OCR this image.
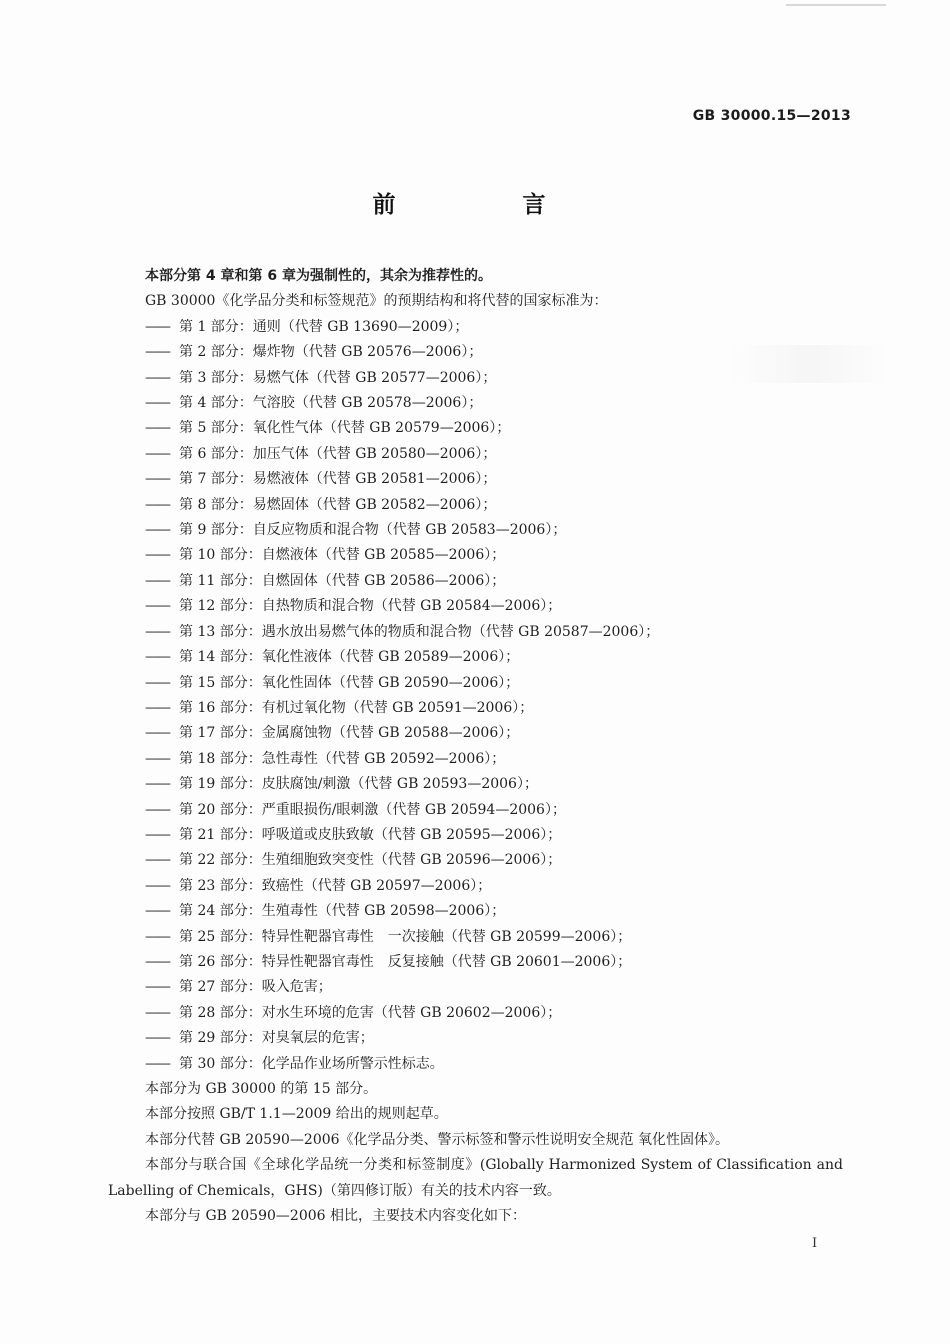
GB 30000.15—2013
前　言

本部分第 4 章和第 6 章为强制性的，其余为推荐性的。

GB 30000《化学品分类和标签规范》的预期结构和将代替的国家标准为：

—— 第 1 部分：通则（代替 GB 13690—2009）；

—— 第 2 部分：爆炸物（代替 GB 20576—2006）；

—— 第 3 部分：易燃气体（代替 GB 20577—2006）；

—— 第 4 部分：气溶胶（代替 GB 20578—2006）；

—— 第 5 部分：氧化性气体（代替 GB 20579—2006）；

—— 第 6 部分：加压气体（代替 GB 20580—2006）；

—— 第 7 部分：易燃液体（代替 GB 20581—2006）；

—— 第 8 部分：易燃固体（代替 GB 20582—2006）；

—— 第 9 部分：自反应物质和混合物（代替 GB 20583—2006）；

—— 第 10 部分：自燃液体（代替 GB 20585—2006）；

—— 第 11 部分：自燃固体（代替 GB 20586—2006）；

—— 第 12 部分：自热物质和混合物（代替 GB 20584—2006）；

—— 第 13 部分：遇水放出易燃气体的物质和混合物（代替 GB 20587—2006）；

—— 第 14 部分：氧化性液体（代替 GB 20589—2006）；

—— 第 15 部分：氧化性固体（代替 GB 20590—2006）；

—— 第 16 部分：有机过氧化物（代替 GB 20591—2006）；

—— 第 17 部分：金属腐蚀物（代替 GB 20588—2006）；

—— 第 18 部分：急性毒性（代替 GB 20592—2006）；

—— 第 19 部分：皮肤腐蚀/刺激（代替 GB 20593—2006）；

—— 第 20 部分：严重眼损伤/眼刺激（代替 GB 20594—2006）；

—— 第 21 部分：呼吸道或皮肤致敏（代替 GB 20595—2006）；

—— 第 22 部分：生殖细胞致突变性（代替 GB 20596—2006）；

—— 第 23 部分：致癌性（代替 GB 20597—2006）；

—— 第 24 部分：生殖毒性（代替 GB 20598—2006）；

—— 第 25 部分：特异性靶器官毒性　一次接触（代替 GB 20599—2006）；

—— 第 26 部分：特异性靶器官毒性　反复接触（代替 GB 20601—2006）；

—— 第 27 部分：吸入危害；

—— 第 28 部分：对水生环境的危害（代替 GB 20602—2006）；

—— 第 29 部分：对臭氧层的危害；

—— 第 30 部分：化学品作业场所警示性标志。

本部分为 GB 30000 的第 15 部分。

本部分按照 GB/T 1.1—2009 给出的规则起草。

本部分代替 GB 20590—2006《化学品分类、警示标签和警示性说明安全规范 氧化性固体》。

本部分与联合国《全球化学品统一分类和标签制度》(Globally Harmonized System of Classification and Labelling of Chemicals，GHS)（第四修订版）有关的技术内容一致。

本部分与 GB 20590—2006 相比，主要技术内容变化如下：

I
